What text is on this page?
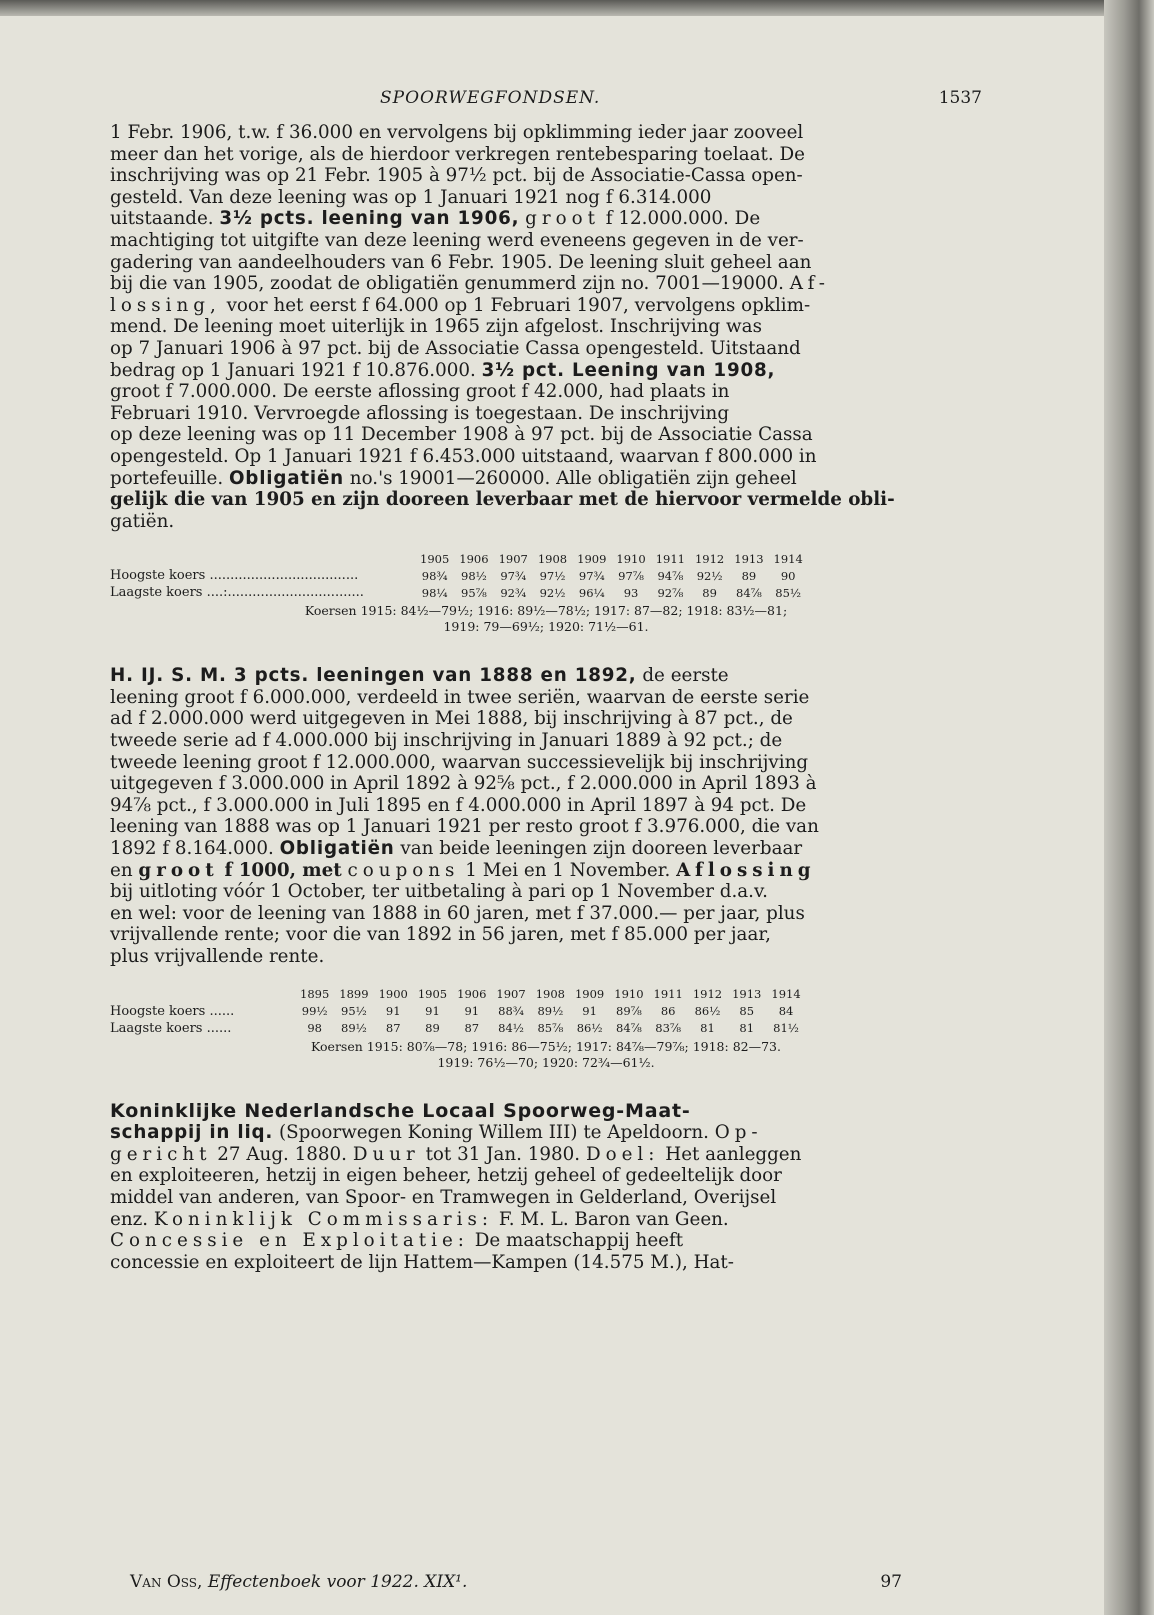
SPOORWEGFONDSEN.	1537

1 Febr. 1906, t.w. f 36.000 en vervolgens bij opklimming ieder jaar zooveel

meer dan het vorige, als de hierdoor verkregen rentebesparing toelaat. De

inschrijving was op 21 Febr. 1905 à 97½ pct. bij de Associatie-Cassa open-

gesteld. Van deze leening was op 1 Januari 1921 nog f 6.314.000

uitstaande. 3½ pcts. leening van 1906, groot f 12.000.000. De

machtiging tot uitgifte van deze leening werd eveneens gegeven in de ver-

gadering van aandeelhouders van 6 Febr. 1905. De leening sluit geheel aan

bij die van 1905, zoodat de obligatiën genummerd zijn no. 7001—19000. Af-

lossing, voor het eerst f 64.000 op 1 Februari 1907, vervolgens opklim-

mend. De leening moet uiterlijk in 1965 zijn afgelost. Inschrijving was

op 7 Januari 1906 à 97 pct. bij de Associatie Cassa opengesteld. Uitstaand

bedrag op 1 Januari 1921 f 10.876.000. 3½ pct. Leening van 1908,

groot f 7.000.000. De eerste aflossing groot f 42.000, had plaats in

Februari 1910. Vervroegde aflossing is toegestaan. De inschrijving

op deze leening was op 11 December 1908 à 97 pct. bij de Associatie Cassa

opengesteld. Op 1 Januari 1921 f 6.453.000 uitstaand, waarvan f 800.000 in

portefeuille. Obligatiën no.'s 19001—260000. Alle obligatiën zijn geheel

gelijk die van 1905 en zijn dooreen leverbaar met de hiervoor vermelde obli-

gatiën.

	1905	1906	1907	1908	1909	1910	1911	1912	1913	1914
Hoogste koers ....................................	98¾	98½	97¾	97½	97¾	97⅞	94⅞	92½	89	90
Laagste koers ....:.................................	98¼	95⅞	92¾	92½	96¼	93	92⅞	89	84⅞	85½
Koersen 1915: 84½—79½; 1916: 89½—78½; 1917: 87—82; 1918: 83½—81;
1919: 79—69½; 1920: 71½—61.

H. IJ. S. M. 3 pcts. leeningen van 1888 en 1892, de eerste

leening groot f 6.000.000, verdeeld in twee seriën, waarvan de eerste serie

ad f 2.000.000 werd uitgegeven in Mei 1888, bij inschrijving à 87 pct., de

tweede serie ad f 4.000.000 bij inschrijving in Januari 1889 à 92 pct.; de

tweede leening groot f 12.000.000, waarvan successievelijk bij inschrijving

uitgegeven f 3.000.000 in April 1892 à 92⅝ pct., f 2.000.000 in April 1893 à

94⅞ pct., f 3.000.000 in Juli 1895 en f 4.000.000 in April 1897 à 94 pct. De

leening van 1888 was op 1 Januari 1921 per resto groot f 3.976.000, die van

1892 f 8.164.000. Obligatiën van beide leeningen zijn dooreen leverbaar

en groot f 1000, met coupons 1 Mei en 1 November. Aflossing

bij uitloting vóór 1 October, ter uitbetaling à pari op 1 November d.a.v.

en wel: voor de leening van 1888 in 60 jaren, met f 37.000.— per jaar, plus

vrijvallende rente; voor die van 1892 in 56 jaren, met f 85.000 per jaar,

plus vrijvallende rente.

	1895	1899	1900	1905	1906	1907	1908	1909	1910	1911	1912	1913	1914
Hoogste koers ......	99½	95½	91	91	91	88¾	89½	91	89⅞	86	86½	85	84
Laagste koers ......	98	89½	87	89	87	84½	85⅞	86½	84⅞	83⅞	81	81	81½
Koersen 1915: 80⅞—78; 1916: 86—75½; 1917: 84⅞—79⅞; 1918: 82—73.
1919: 76½—70; 1920: 72¾—61½.

Koninklijke Nederlandsche Locaal Spoorweg-Maat-

schappij in liq. (Spoorwegen Koning Willem III) te Apeldoorn. Op-

gericht 27 Aug. 1880. Duur tot 31 Jan. 1980. Doel: Het aanleggen

en exploiteeren, hetzij in eigen beheer, hetzij geheel of gedeeltelijk door

middel van anderen, van Spoor- en Tramwegen in Gelderland, Overijsel

enz. Koninklijk Commissaris: F. M. L. Baron van Geen.

Concessie en Exploitatie: De maatschappij heeft

concessie en exploiteert de lijn Hattem—Kampen (14.575 M.), Hat-

Van Oss, Effectenboek voor 1922. XIX¹.	97
